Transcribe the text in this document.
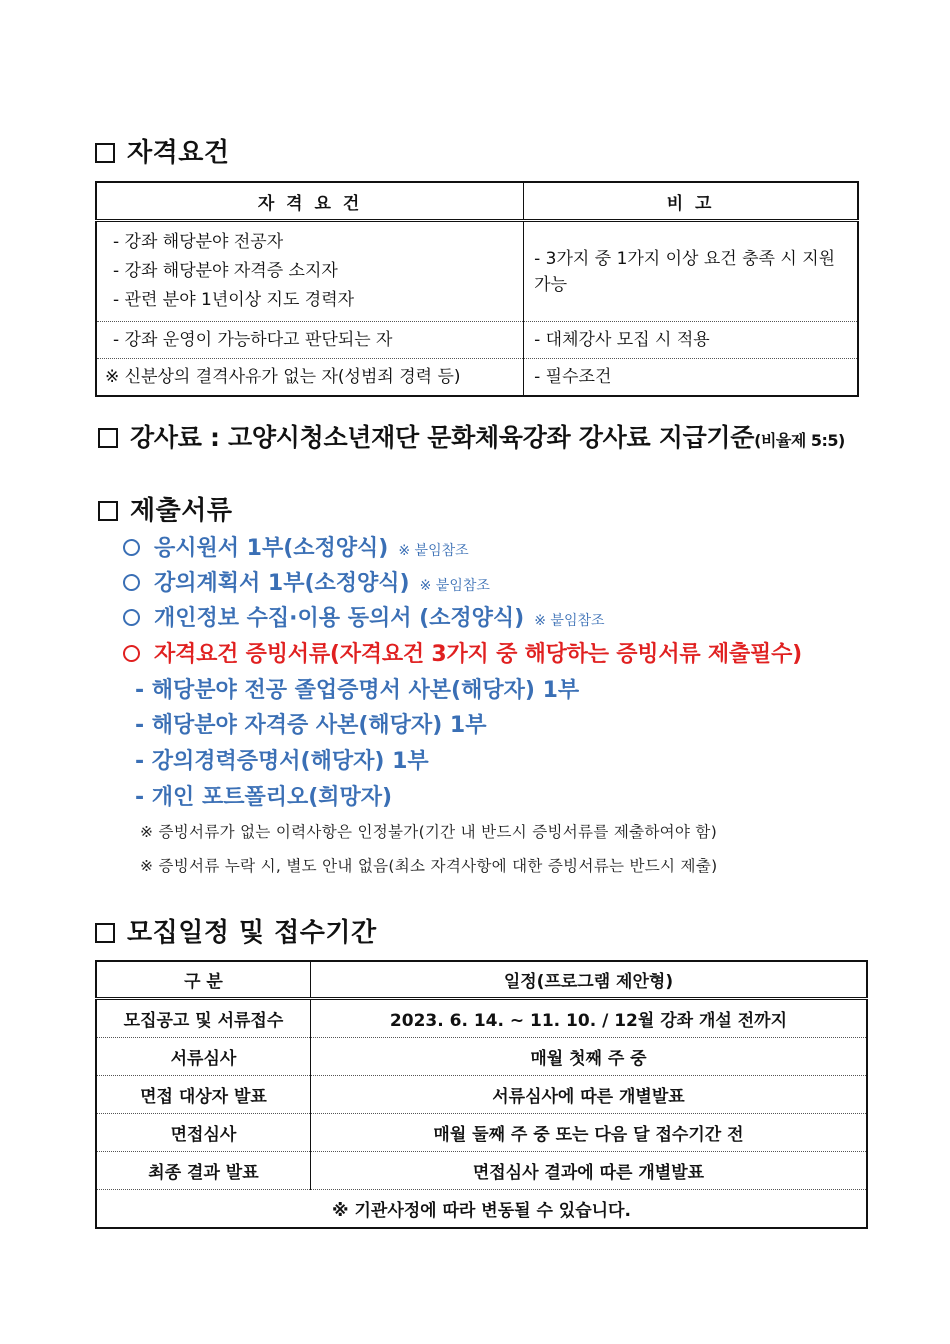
자격요건
자 격 요 건	비 고

- 강좌 해당분야 전공자
- 강좌 해당분야 자격증 소지자
- 관련 분야 1년이상 지도 경력자	- 3가지 중 1가지 이상 요건 충족 시 지원 가능

- 강좌 운영이 가능하다고 판단되는 자	- 대체강사 모집 시 적용

※ 신분상의 결격사유가 없는 자(성범죄 경력 등)	- 필수조건
강사료 : 고양시청소년재단 문화체육강좌 강사료 지급기준(비율제 5:5)
제출서류
응시원서 1부(소정양식) ※ 붙임참조
강의계획서 1부(소정양식) ※ 붙임참조
개인정보 수집·이용 동의서 (소정양식) ※ 붙임참조
자격요건 증빙서류(자격요건 3가지 중 해당하는 증빙서류 제출필수)
- 해당분야 전공 졸업증명서 사본(해당자) 1부
- 해당분야 자격증 사본(해당자) 1부
- 강의경력증명서(해당자) 1부
- 개인 포트폴리오(희망자)
※ 증빙서류가 없는 이력사항은 인정불가(기간 내 반드시 증빙서류를 제출하여야 함)
※ 증빙서류 누락 시, 별도 안내 없음(최소 자격사항에 대한 증빙서류는 반드시 제출)
모집일정 및 접수기간
구 분	일정(프로그램 제안형)
모집공고 및 서류접수	2023. 6. 14. ~ 11. 10. / 12월 강좌 개설 전까지
서류심사	매월 첫째 주 중
면접 대상자 발표	서류심사에 따른 개별발표
면접심사	매월 둘째 주 중 또는 다음 달 접수기간 전
최종 결과 발표	면접심사 결과에 따른 개별발표
※ 기관사정에 따라 변동될 수 있습니다.	
